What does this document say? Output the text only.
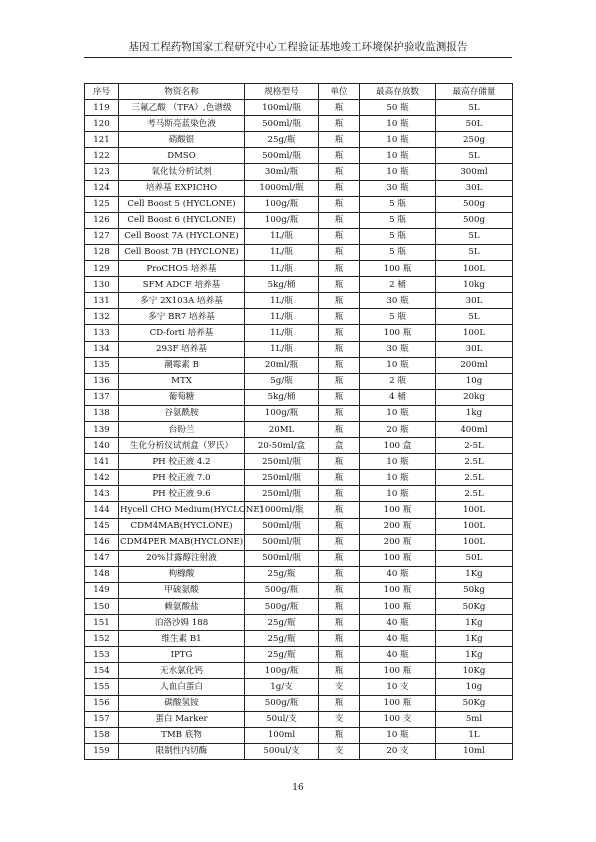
基因工程药物国家工程研究中心工程验证基地竣工环境保护验收监测报告
序号	物资名称	规格型号	单位	最高存放数	最高存储量
119	三氟乙酸 （TFA）,色谱级	100ml/瓶	瓶	50 瓶	5L
120	考马斯亮蓝染色液	500ml/瓶	瓶	10 瓶	50L
121	硝酸银	25g/瓶	瓶	10 瓶	250g
122	DMSO	500ml/瓶	瓶	10 瓶	5L
123	氧化钛分析试剂	30ml/瓶	瓶	10 瓶	300ml
124	培养基 EXPICHO	1000ml/瓶	瓶	30 瓶	30L
125	Cell Boost 5 (HYCLONE)	100g/瓶	瓶	5 瓶	500g
126	Cell Boost 6 (HYCLONE)	100g/瓶	瓶	5 瓶	500g
127	Cell Boost 7A (HYCLONE)	1L/瓶	瓶	5 瓶	5L
128	Cell Boost 7B (HYCLONE)	1L/瓶	瓶	5 瓶	5L
129	ProCHO5 培养基	1L/瓶	瓶	100 瓶	100L
130	SFM ADCF 培养基	5kg/桶	瓶	2 桶	10kg
131	多宁 2X103A 培养基	1L/瓶	瓶	30 瓶	30L
132	多宁 BR7 培养基	1L/瓶	瓶	5 瓶	5L
133	CD-forti 培养基	1L/瓶	瓶	100 瓶	100L
134	293F 培养基	1L/瓶	瓶	30 瓶	30L
135	潮霉素 B	20ml/瓶	瓶	10 瓶	200ml
136	MTX	5g/瓶	瓶	2 瓶	10g
137	葡萄糖	5kg/桶	瓶	4 桶	20kg
138	谷氨酰胺	100g/瓶	瓶	10 瓶	1kg
139	台盼兰	20ML	瓶	20 瓶	400ml
140	生化分析仪试剂盒（罗氏）	20-50ml/盒	盒	100 盒	2-5L
141	PH 校正液 4.2	250ml/瓶	瓶	10 瓶	2.5L
142	PH 校正液 7.0	250ml/瓶	瓶	10 瓶	2.5L
143	PH 校正液 9.6	250ml/瓶	瓶	10 瓶	2.5L
144	Hycell CHO Medium(HYCLONE)	1000ml/瓶	瓶	100 瓶	100L
145	CDM4MAB(HYCLONE)	500ml/瓶	瓶	200 瓶	100L
146	CDM4PER MAB(HYCLONE)	500ml/瓶	瓶	200 瓶	100L
147	20%甘露醇注射液	500ml/瓶	瓶	100 瓶	50L
148	枸橼酸	25g/瓶	瓶	40 瓶	1Kg
149	甲硫氨酸	500g/瓶	瓶	100 瓶	50kg
150	赖氨酸盐	500g/瓶	瓶	100 瓶	50Kg
151	泊洛沙姆 188	25g/瓶	瓶	40 瓶	1Kg
152	维生素 B1	25g/瓶	瓶	40 瓶	1Kg
153	IPTG	25g/瓶	瓶	40 瓶	1Kg
154	无水氯化钙	100g/瓶	瓶	100 瓶	10Kg
155	人血白蛋白	1g/支	支	10 支	10g
156	碳酸氢铵	500g/瓶	瓶	100 瓶	50Kg
157	蛋白 Marker	50ul/支	支	100 支	5ml
158	TMB 底物	100ml	瓶	10 瓶	1L
159	限制性内切酶	500ul/支	支	20 支	10ml
16
